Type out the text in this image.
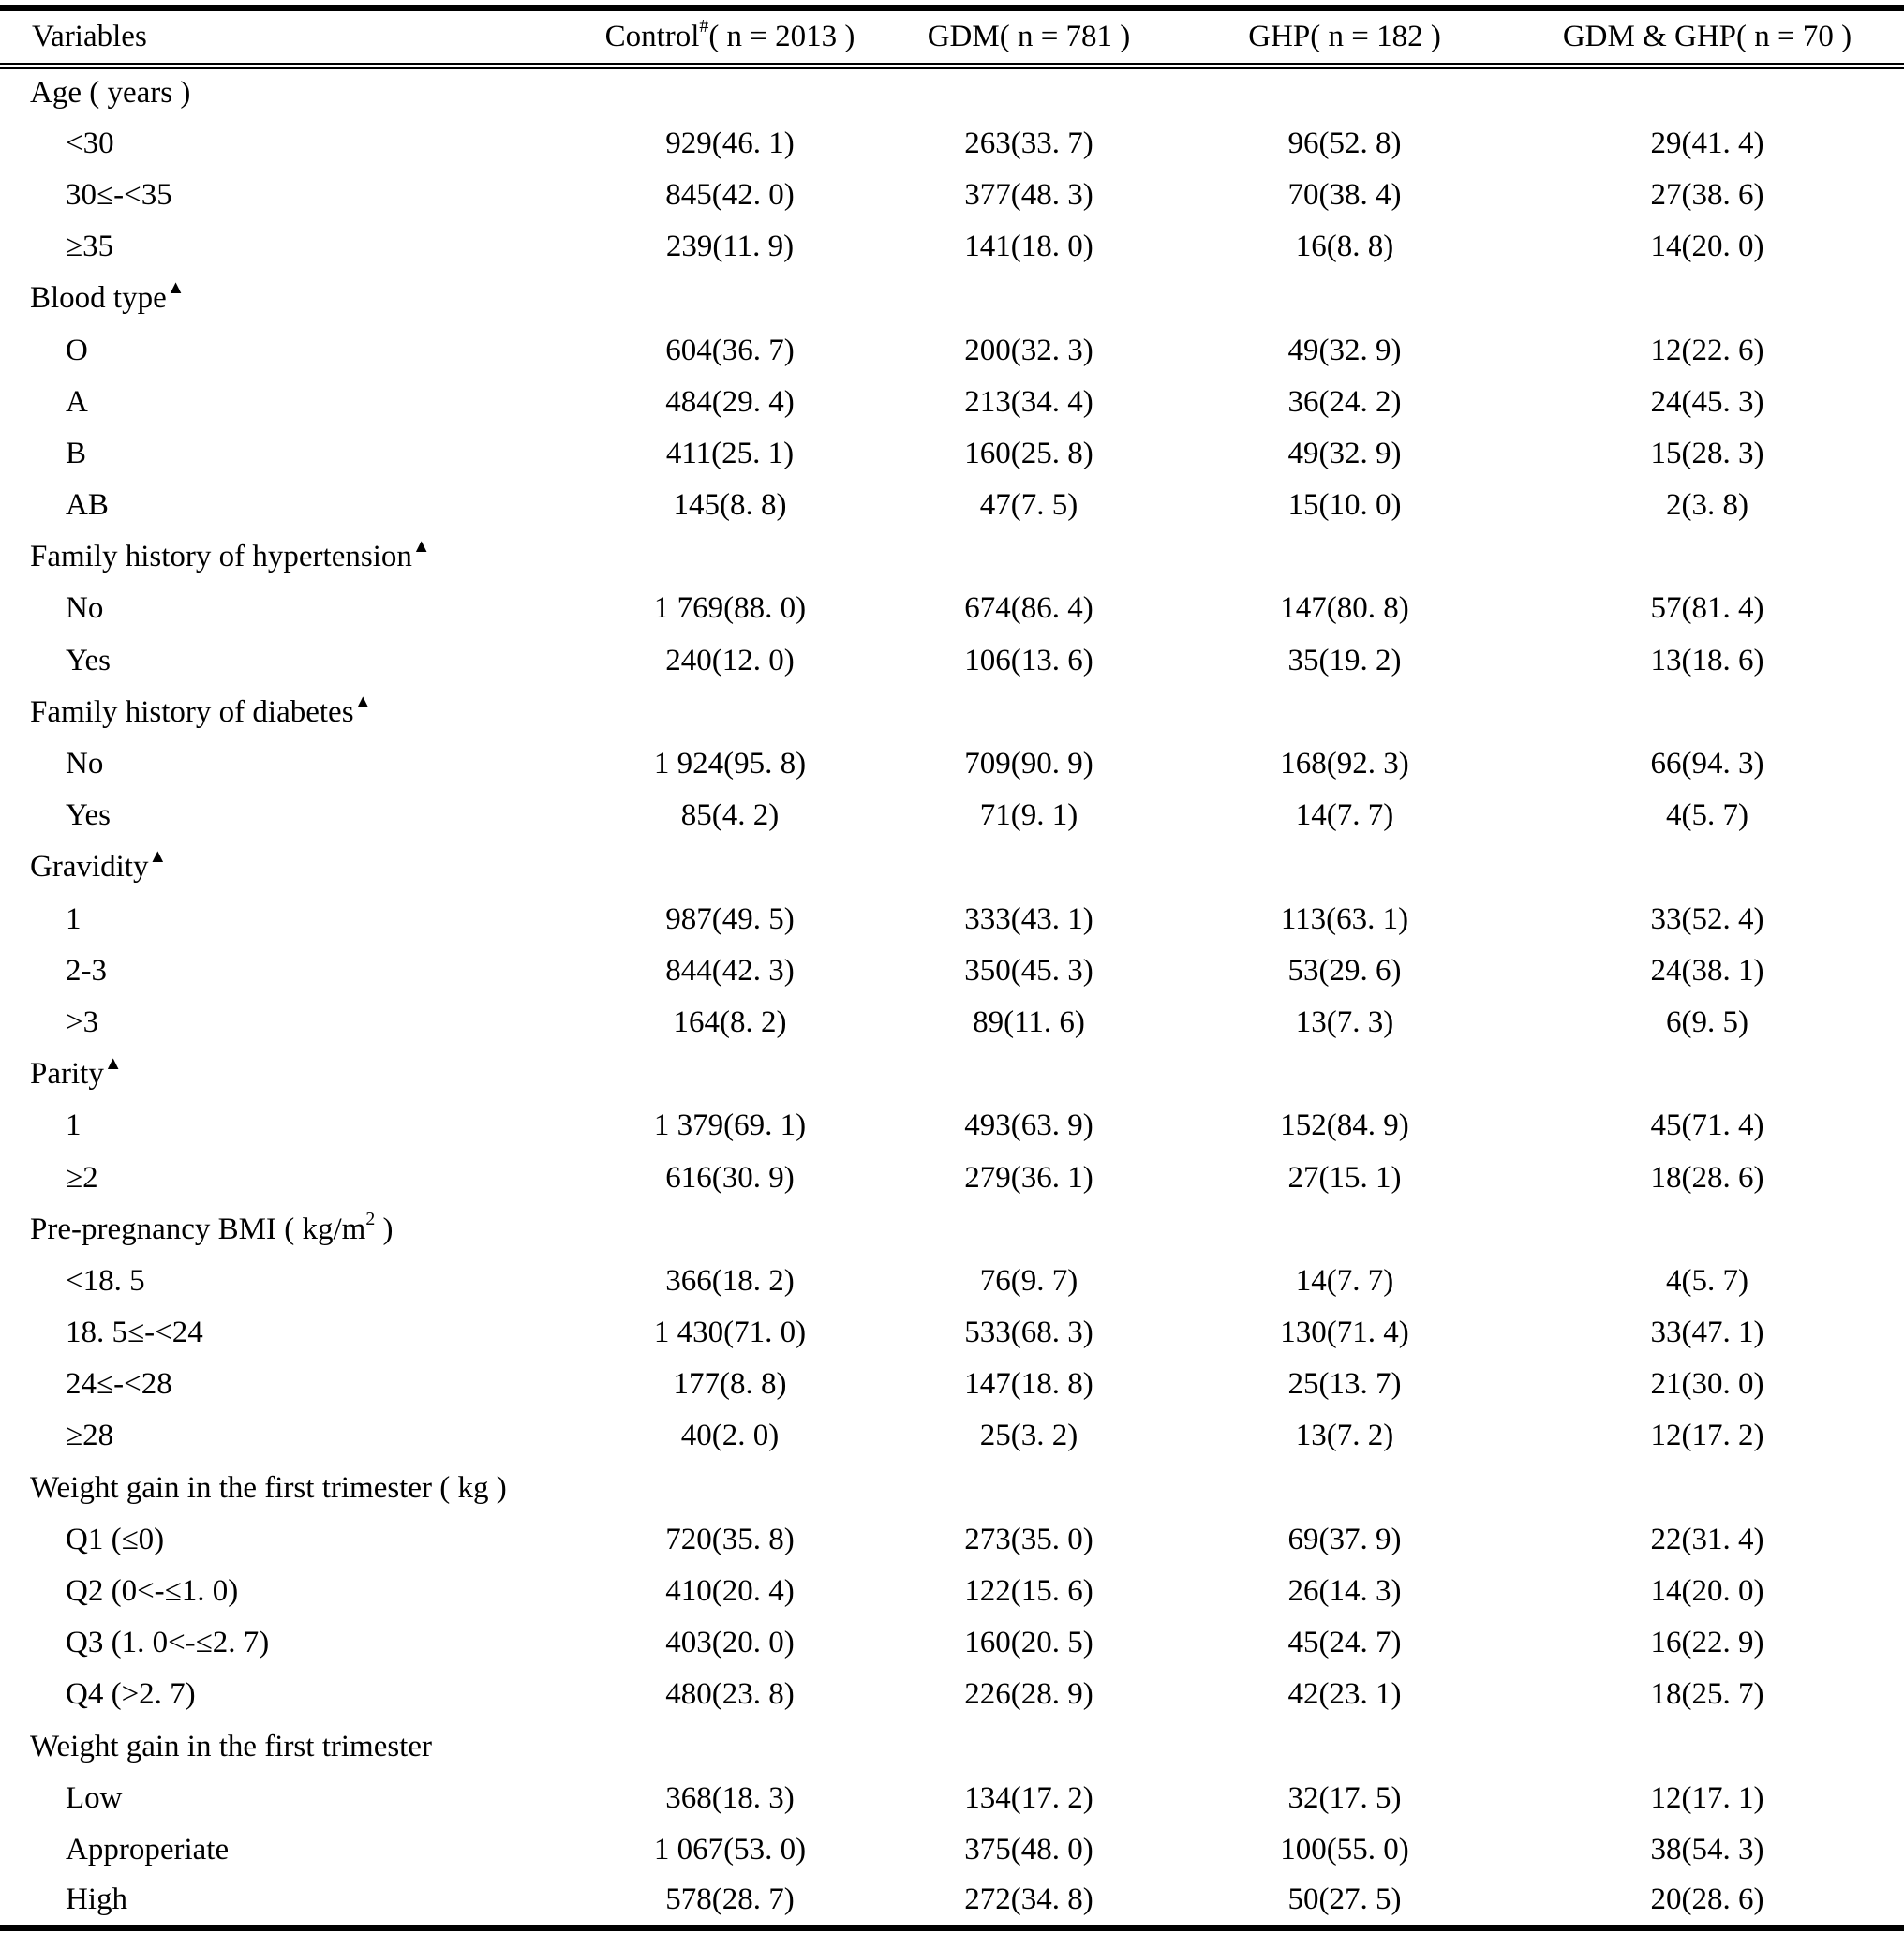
Variables	Control#( n = 2013 )	GDM( n = 781 )	GHP( n = 182 )	GDM & GHP( n = 70 )
Age ( years )				
<30	929(46. 1)	263(33. 7)	96(52. 8)	29(41. 4)
30≤-<35	845(42. 0)	377(48. 3)	70(38. 4)	27(38. 6)
≥35	239(11. 9)	141(18. 0)	16(8. 8)	14(20. 0)
Blood type▲				
O	604(36. 7)	200(32. 3)	49(32. 9)	12(22. 6)
A	484(29. 4)	213(34. 4)	36(24. 2)	24(45. 3)
B	411(25. 1)	160(25. 8)	49(32. 9)	15(28. 3)
AB	145(8. 8)	47(7. 5)	15(10. 0)	2(3. 8)
Family history of hypertension▲				
No	1 769(88. 0)	674(86. 4)	147(80. 8)	57(81. 4)
Yes	240(12. 0)	106(13. 6)	35(19. 2)	13(18. 6)
Family history of diabetes▲				
No	1 924(95. 8)	709(90. 9)	168(92. 3)	66(94. 3)
Yes	85(4. 2)	71(9. 1)	14(7. 7)	4(5. 7)
Gravidity▲				
1	987(49. 5)	333(43. 1)	113(63. 1)	33(52. 4)
2-3	844(42. 3)	350(45. 3)	53(29. 6)	24(38. 1)
>3	164(8. 2)	89(11. 6)	13(7. 3)	6(9. 5)
Parity▲				
1	1 379(69. 1)	493(63. 9)	152(84. 9)	45(71. 4)
≥2	616(30. 9)	279(36. 1)	27(15. 1)	18(28. 6)
Pre-pregnancy BMI ( $kg/m^2$ )				
<18. 5	366(18. 2)	76(9. 7)	14(7. 7)	4(5. 7)
18. 5≤-<24	1 430(71. 0)	533(68. 3)	130(71. 4)	33(47. 1)
24≤-<28	177(8. 8)	147(18. 8)	25(13. 7)	21(30. 0)
≥28	40(2. 0)	25(3. 2)	13(7. 2)	12(17. 2)
Weight gain in the first trimester ( kg )				
Q1 (≤0)	720(35. 8)	273(35. 0)	69(37. 9)	22(31. 4)
Q2 (0<-≤1. 0)	410(20. 4)	122(15. 6)	26(14. 3)	14(20. 0)
Q3 (1. 0<-≤2. 7)	403(20. 0)	160(20. 5)	45(24. 7)	16(22. 9)
Q4 (>2. 7)	480(23. 8)	226(28. 9)	42(23. 1)	18(25. 7)
Weight gain in the first trimester				
Low	368(18. 3)	134(17. 2)	32(17. 5)	12(17. 1)
Approperiate	1 067(53. 0)	375(48. 0)	100(55. 0)	38(54. 3)
High	578(28. 7)	272(34. 8)	50(27. 5)	20(28. 6)
